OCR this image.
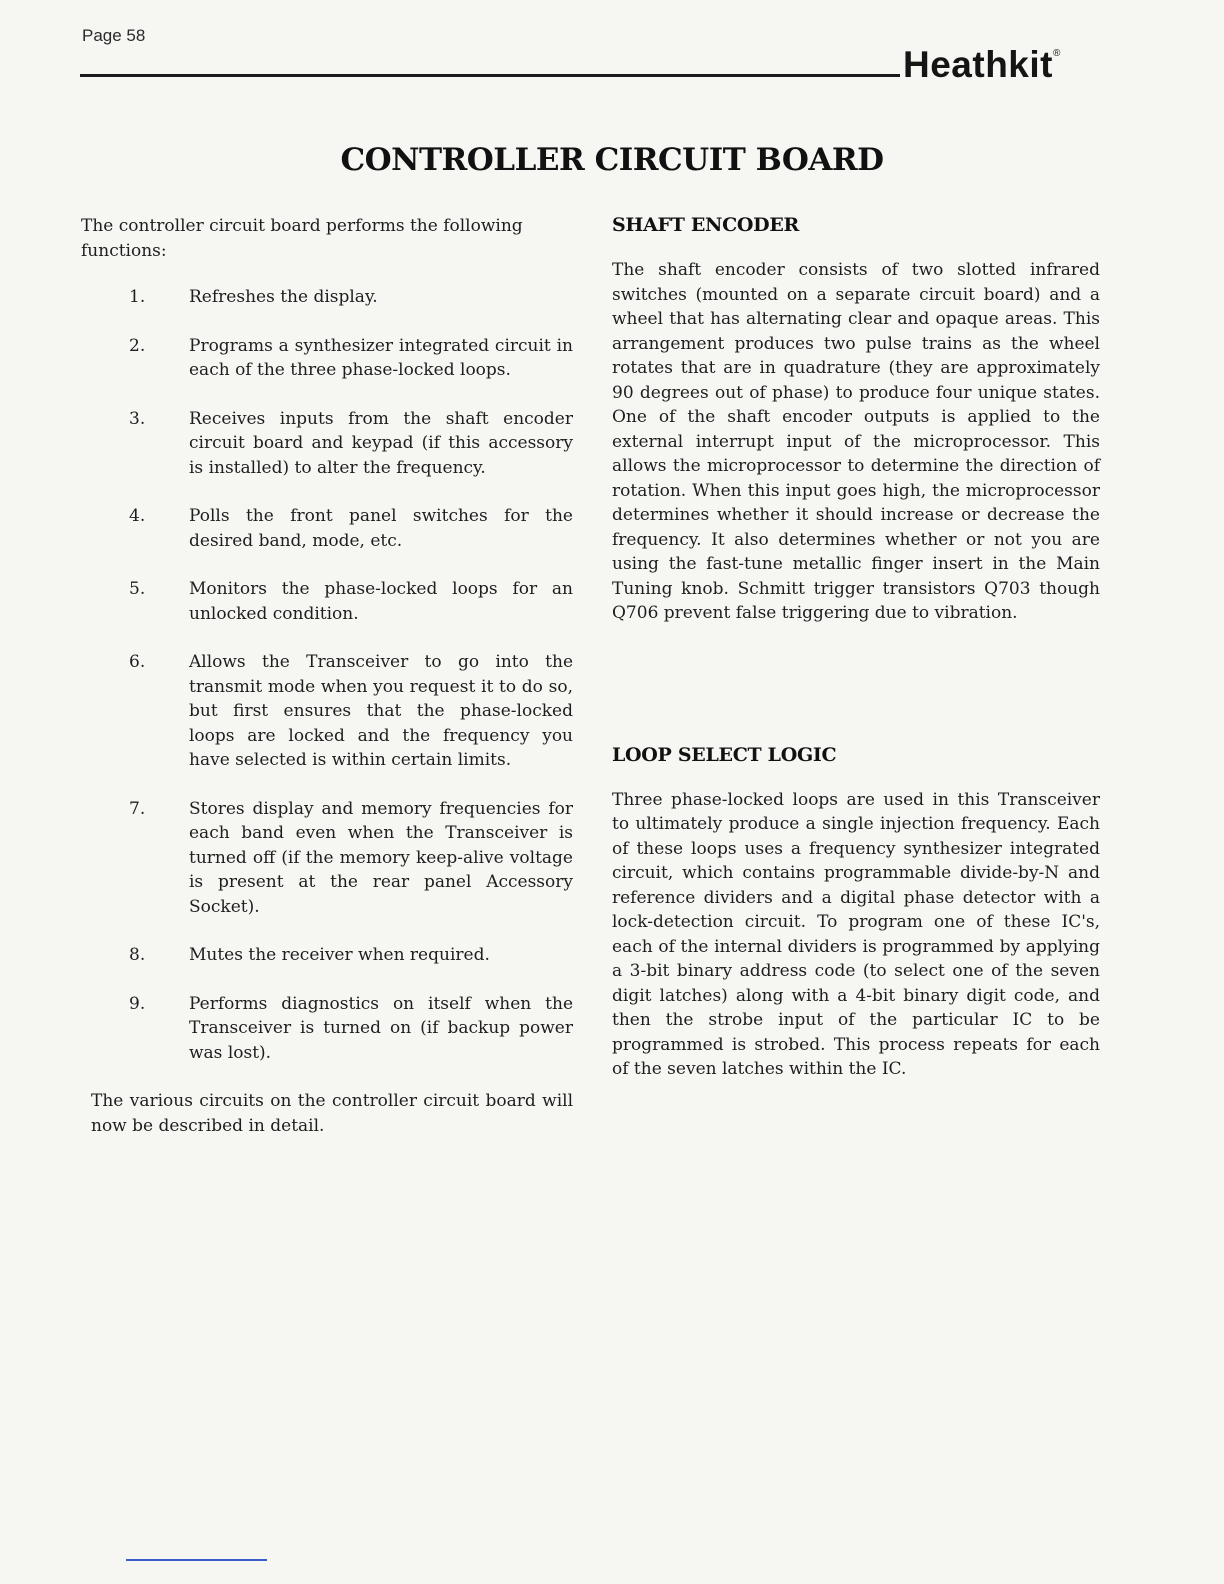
Page 58
Heathkit®
CONTROLLER CIRCUIT BOARD

The controller circuit board performs the following functions:

1.	Refreshes the display.
2.	Programs a synthesizer integrated circuit in each of the three phase-locked loops.
3.	Receives inputs from the shaft encoder circuit board and keypad (if this accessory is installed) to alter the frequency.
4.	Polls the front panel switches for the desired band, mode, etc.
5.	Monitors the phase-locked loops for an unlocked condition.
6.	Allows the Transceiver to go into the transmit mode when you request it to do so, but first ensures that the phase-locked loops are locked and the frequency you have selected is within certain limits.
7.	Stores display and memory frequencies for each band even when the Transceiver is turned off (if the memory keep-alive voltage is present at the rear panel Accessory Socket).
8.	Mutes the receiver when required.
9.	Performs diagnostics on itself when the Transceiver is turned on (if backup power was lost).

The various circuits on the controller circuit board will now be described in detail.

SHAFT ENCODER

The shaft encoder consists of two slotted infrared switches (mounted on a separate circuit board) and a wheel that has alternating clear and opaque areas. This arrangement produces two pulse trains as the wheel rotates that are in quadrature (they are approximately 90 degrees out of phase) to produce four unique states. One of the shaft encoder outputs is applied to the external interrupt input of the microprocessor. This allows the microprocessor to determine the direction of rotation. When this input goes high, the microprocessor determines whether it should increase or decrease the frequency. It also determines whether or not you are using the fast-tune metallic finger insert in the Main Tuning knob. Schmitt trigger transistors Q703 though Q706 prevent false triggering due to vibration.

LOOP SELECT LOGIC

Three phase-locked loops are used in this Transceiver to ultimately produce a single injection frequency. Each of these loops uses a frequency synthesizer integrated circuit, which contains programmable divide-by-N and reference dividers and a digital phase detector with a lock-detection circuit. To program one of these IC's, each of the internal dividers is programmed by applying a 3-bit binary address code (to select one of the seven digit latches) along with a 4-bit binary digit code, and then the strobe input of the particular IC to be programmed is strobed. This process repeats for each of the seven latches within the IC.
